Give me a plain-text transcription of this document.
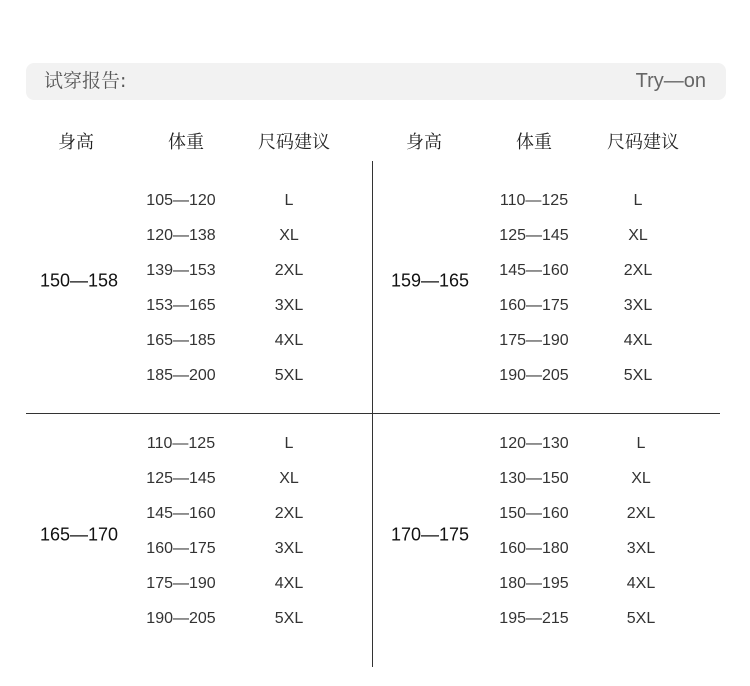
试穿报告:	Try—on
身高	体重	尺码建议	身高	体重	尺码建议
150—158
105—120	L
120—138	XL
139—153	2XL
153—165	3XL
165—185	4XL
185—200	5XL
159—165
110—125	L
125—145	XL
145—160	2XL
160—175	3XL
175—190	4XL
190—205	5XL
165—170
110—125	L
125—145	XL
145—160	2XL
160—175	3XL
175—190	4XL
190—205	5XL
170—175
120—130	L
130—150	XL
150—160	2XL
160—180	3XL
180—195	4XL
195—215	5XL
